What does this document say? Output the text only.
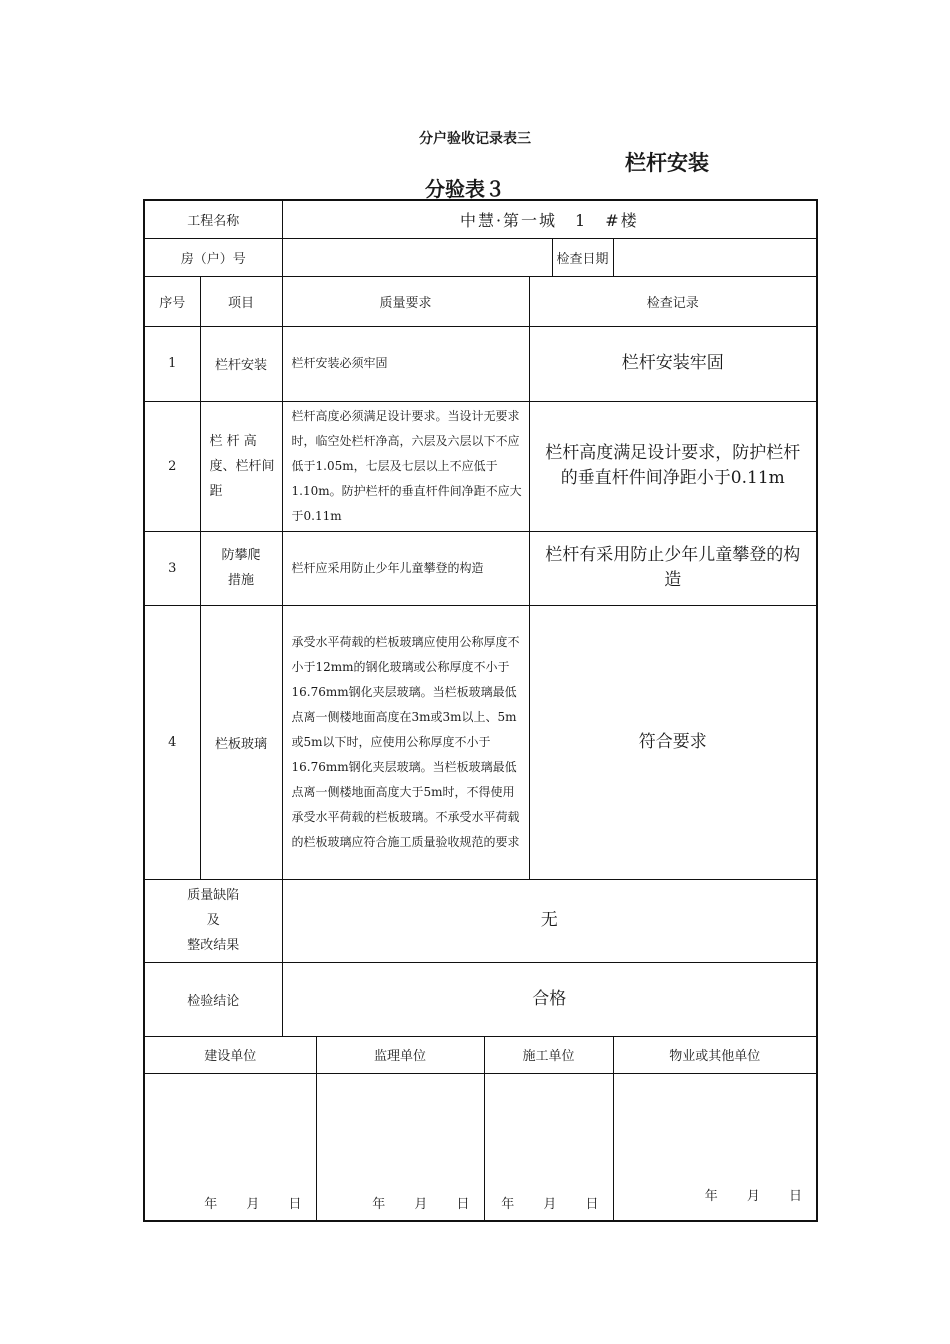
分户验收记录表三
栏杆安装
分验表３
工程名称		中慧·第一城　1　#楼					
房（户）号						检查日期	
序号	项目	质量要求			检查记录		
1	栏杆安装	栏杆安装必须牢固			栏杆安装牢固		
2	栏 杆 高 度、栏杆间距	栏杆高度必须满足设计要求。当设计无要求时，临空处栏杆净高，六层及六层以下不应低于1.05m，七层及七层以上不应低于1.10m。防护栏杆的垂直杆件间净距不应大于0.11m			栏杆高度满足设计要求，防护栏杆的垂直杆件间净距小于0.11m		
3	防攀爬措施	栏杆应采用防止少年儿童攀登的构造			栏杆有采用防止少年儿童攀登的构造		
4	栏板玻璃	承受水平荷载的栏板玻璃应使用公称厚度不小于12mm的钢化玻璃或公称厚度不小于16.76mm钢化夹层玻璃。当栏板玻璃最低点离一侧楼地面高度在3m或3m以上、5m或5m以下时，应使用公称厚度不小于16.76mm钢化夹层玻璃。当栏板玻璃最低点离一侧楼地面高度大于5m时，不得使用承受水平荷载的栏板玻璃。不承受水平荷载的栏板玻璃应符合施工质量验收规范的要求			符合要求		

质量缺陷
及
整改结果		无					
检验结论		合格					
建设单位			监理单位	施工单位			物业或其他单位
年　 月　 日			年　 月　 日	年　 月　 日			年　 月　 日
